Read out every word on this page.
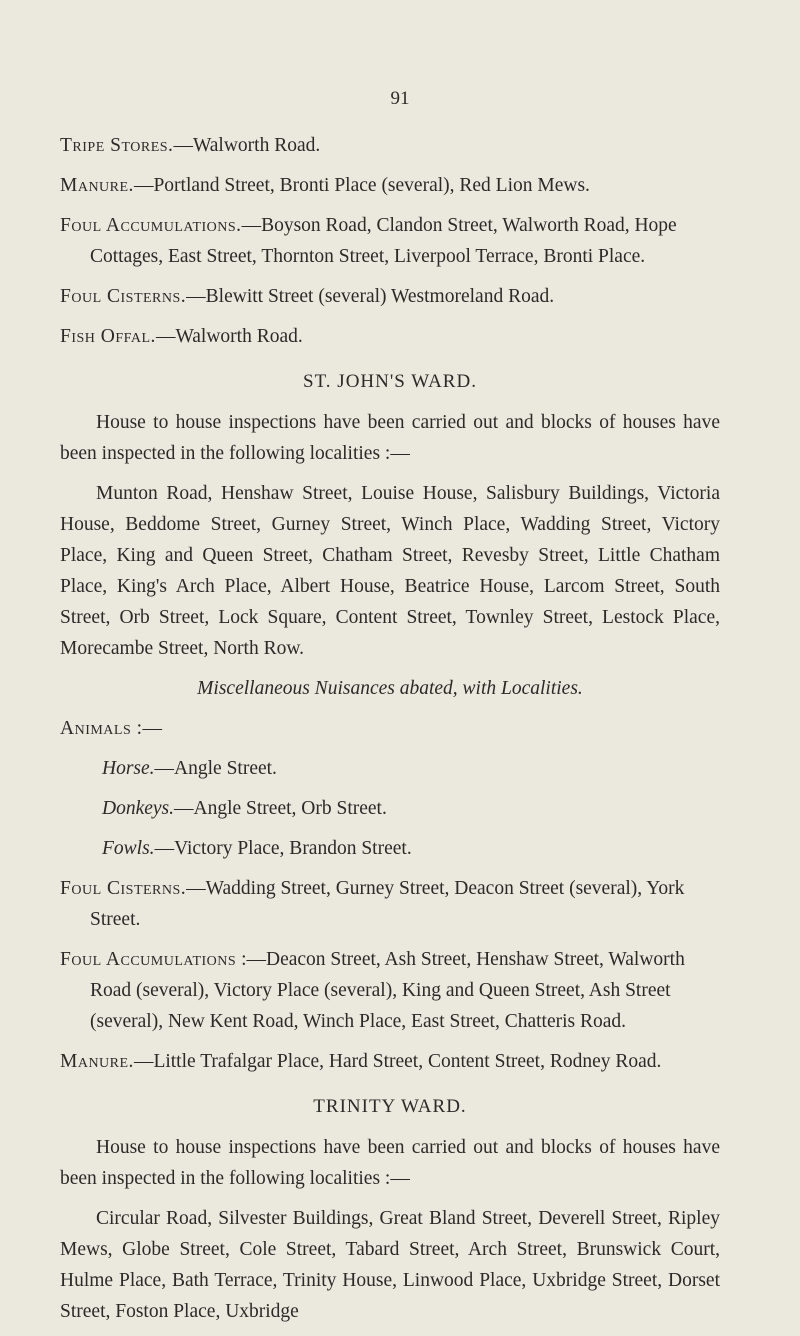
91

Tripe Stores.—Walworth Road.

Manure.—Portland Street, Bronti Place (several), Red Lion Mews.

Foul Accumulations.—Boyson Road, Clandon Street, Walworth Road, Hope Cottages, East Street, Thornton Street, Liverpool Terrace, Bronti Place.

Foul Cisterns.—Blewitt Street (several) Westmoreland Road.

Fish Offal.—Walworth Road.

ST. JOHN'S WARD.

House to house inspections have been carried out and blocks of houses have been inspected in the following localities :—

Munton Road, Henshaw Street, Louise House, Salisbury Buildings, Victoria House, Beddome Street, Gurney Street, Winch Place, Wadding Street, Victory Place, King and Queen Street, Chatham Street, Revesby Street, Little Chatham Place, King's Arch Place, Albert House, Beatrice House, Larcom Street, South Street, Orb Street, Lock Square, Content Street, Townley Street, Lestock Place, Morecambe Street, North Row.

Miscellaneous Nuisances abated, with Localities.

Animals :—

Horse.—Angle Street.

Donkeys.—Angle Street, Orb Street.

Fowls.—Victory Place, Brandon Street.

Foul Cisterns.—Wadding Street, Gurney Street, Deacon Street (several), York Street.

Foul Accumulations :—Deacon Street, Ash Street, Henshaw Street, Walworth Road (several), Victory Place (several), King and Queen Street, Ash Street (several), New Kent Road, Winch Place, East Street, Chatteris Road.

Manure.—Little Trafalgar Place, Hard Street, Content Street, Rodney Road.

TRINITY WARD.

House to house inspections have been carried out and blocks of houses have been inspected in the following localities :—

Circular Road, Silvester Buildings, Great Bland Street, Deverell Street, Ripley Mews, Globe Street, Cole Street, Tabard Street, Arch Street, Brunswick Court, Hulme Place, Bath Terrace, Trinity House, Linwood Place, Uxbridge Street, Dorset Street, Foston Place, Uxbridge
